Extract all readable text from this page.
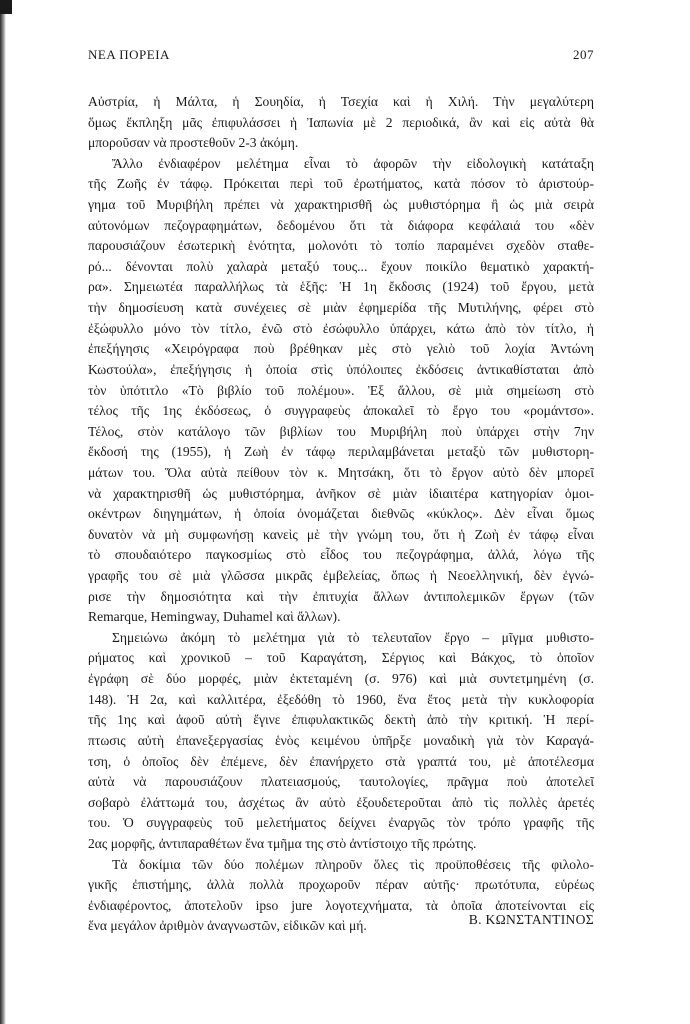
ΝΕΑ ΠΟΡΕΙΑ	207
Αὐστρία, ἡ Μάλτα, ἡ Σουηδία, ἡ Τσεχία καὶ ἡ Χιλή. Τὴν μεγαλύτερη
ὅμως ἔκπληξη μᾶς ἐπιφυλάσσει ἡ Ἰαπωνία μὲ 2 περιοδικά, ἂν καὶ εἰς αὐτὰ θὰ
μποροῦσαν νὰ προστεθοῦν 2-3 ἀκόμη.
Ἄλλο ἐνδιαφέρον μελέτημα εἶναι τὸ ἀφορῶν τὴν εἰδολογικὴ κατάταξη
τῆς Ζωῆς ἐν τάφῳ. Πρόκειται περὶ τοῦ ἐρωτήματος, κατὰ πόσον τὸ ἀριστούρ-
γημα τοῦ Μυριβήλη πρέπει νὰ χαρακτηρισθῆ ὡς μυθιστόρημα ἢ ὡς μιὰ σειρὰ
αὐτονόμων πεζογραφημάτων, δεδομένου ὅτι τὰ διάφορα κεφάλαιά του «δὲν
παρουσιάζουν ἐσωτερικὴ ἑνότητα, μολονότι τὸ τοπίο παραμένει σχεδὸν σταθε-
ρό... δένονται πολὺ χαλαρὰ μεταξύ τους... ἔχουν ποικίλο θεματικὸ χαρακτή-
ρα». Σημειωτέα παραλλήλως τὰ ἑξῆς: Ἡ 1η ἔκδοσις (1924) τοῦ ἔργου, μετὰ
τὴν δημοσίευση κατὰ συνέχειες σὲ μιὰν ἐφημερίδα τῆς Μυτιλήνης, φέρει στὸ
ἐξώφυλλο μόνο τὸν τίτλο, ἐνῶ στὸ ἐσώφυλλο ὑπάρχει, κάτω ἀπὸ τὸν τίτλο, ἡ
ἐπεξήγησις «Χειρόγραφα ποὺ βρέθηκαν μὲς στὸ γελιὸ τοῦ λοχία Ἀντώνη
Κωστούλα», ἐπεξήγησις ἡ ὁποία στὶς ὑπόλοιπες ἐκδόσεις ἀντικαθίσταται ἀπὸ
τὸν ὑπότιτλο «Τὸ βιβλίο τοῦ πολέμου». Ἐξ ἄλλου, σὲ μιὰ σημείωση στὸ
τέλος τῆς 1ης ἐκδόσεως, ὁ συγγραφεὺς ἀποκαλεῖ τὸ ἔργο του «ρομάντσο».
Τέλος, στὸν κατάλογο τῶν βιβλίων του Μυριβήλη ποὺ ὑπάρχει στὴν 7ην
ἔκδοσή της (1955), ἡ Ζωὴ ἐν τάφῳ περιλαμβάνεται μεταξὺ τῶν μυθιστορη-
μάτων του. Ὅλα αὐτὰ πείθουν τὸν κ. Μητσάκη, ὅτι τὸ ἔργον αὐτὸ δὲν μπορεῖ
νὰ χαρακτηρισθῆ ὡς μυθιστόρημα, ἀνῆκον σὲ μιὰν ἰδιαιτέρα κατηγορίαν ὁμοι-
οκέντρων διηγημάτων, ἡ ὁποία ὀνομάζεται διεθνῶς «κύκλος». Δὲν εἶναι ὅμως
δυνατὸν νὰ μὴ συμφωνήσῃ κανεὶς μὲ τὴν γνώμη του, ὅτι ἡ Ζωὴ ἐν τάφῳ εἶναι
τὸ σπουδαιότερο παγκοσμίως στὸ εἶδος του πεζογράφημα, ἀλλά, λόγω τῆς
γραφῆς του σὲ μιὰ γλῶσσα μικρᾶς ἐμβελείας, ὅπως ἡ Νεοελληνική, δὲν ἐγνώ-
ρισε τὴν δημοσιότητα καὶ τὴν ἐπιτυχία ἄλλων ἀντιπολεμικῶν ἔργων (τῶν
Remarque, Hemingway, Duhamel καὶ ἄλλων).
Σημειώνω ἀκόμη τὸ μελέτημα γιὰ τὸ τελευταῖον ἔργο – μῖγμα μυθιστο-
ρήματος καὶ χρονικοῦ – τοῦ Καραγάτση, Σέργιος καὶ Βάκχος, τὸ ὁποῖον
ἐγράφη σὲ δύο μορφές, μιὰν ἐκτεταμένη (σ. 976) καὶ μιὰ συντετμημένη (σ.
148). Ἡ 2α, καὶ καλλιτέρα, ἐξεδόθη τὸ 1960, ἕνα ἔτος μετὰ τὴν κυκλοφορία
τῆς 1ης καὶ ἀφοῦ αὐτὴ ἔγινε ἐπιφυλακτικῶς δεκτὴ ἀπὸ τὴν κριτική. Ἡ περί-
πτωσις αὐτὴ ἐπανεξεργασίας ἑνὸς κειμένου ὑπῆρξε μοναδικὴ γιὰ τὸν Καραγά-
τση, ὁ ὁποῖος δὲν ἐπέμενε, δὲν ἐπανήρχετο στὰ γραπτά του, μὲ ἀποτέλεσμα
αὐτὰ νὰ παρουσιάζουν πλατειασμούς, ταυτολογίες, πρᾶγμα ποὺ ἀποτελεῖ
σοβαρὸ ἐλάττωμά του, ἀσχέτως ἂν αὐτὸ ἐξουδετεροῦται ἀπὸ τὶς πολλὲς ἀρετές
του. Ὁ συγγραφεὺς τοῦ μελετήματος δείχνει ἐναργῶς τὸν τρόπο γραφῆς τῆς
2ας μορφῆς, ἀντιπαραθέτων ἕνα τμῆμα της στὸ ἀντίστοιχο τῆς πρώτης.
Τὰ δοκίμια τῶν δύο πολέμων πληροῦν ὅλες τὶς προϋποθέσεις τῆς φιλολο-
γικῆς ἐπιστήμης, ἀλλὰ πολλὰ προχωροῦν πέραν αὐτῆς· πρωτότυπα, εὑρέως
ἐνδιαφέροντος, ἀποτελοῦν ipso jure λογοτεχνήματα, τὰ ὁποῖα ἀποτείνονται εἰς
ἕνα μεγάλον ἀριθμὸν ἀναγνωστῶν, εἰδικῶν καὶ μή.	Β. ΚΩΝΣΤΑΝΤΙΝΟΣ
